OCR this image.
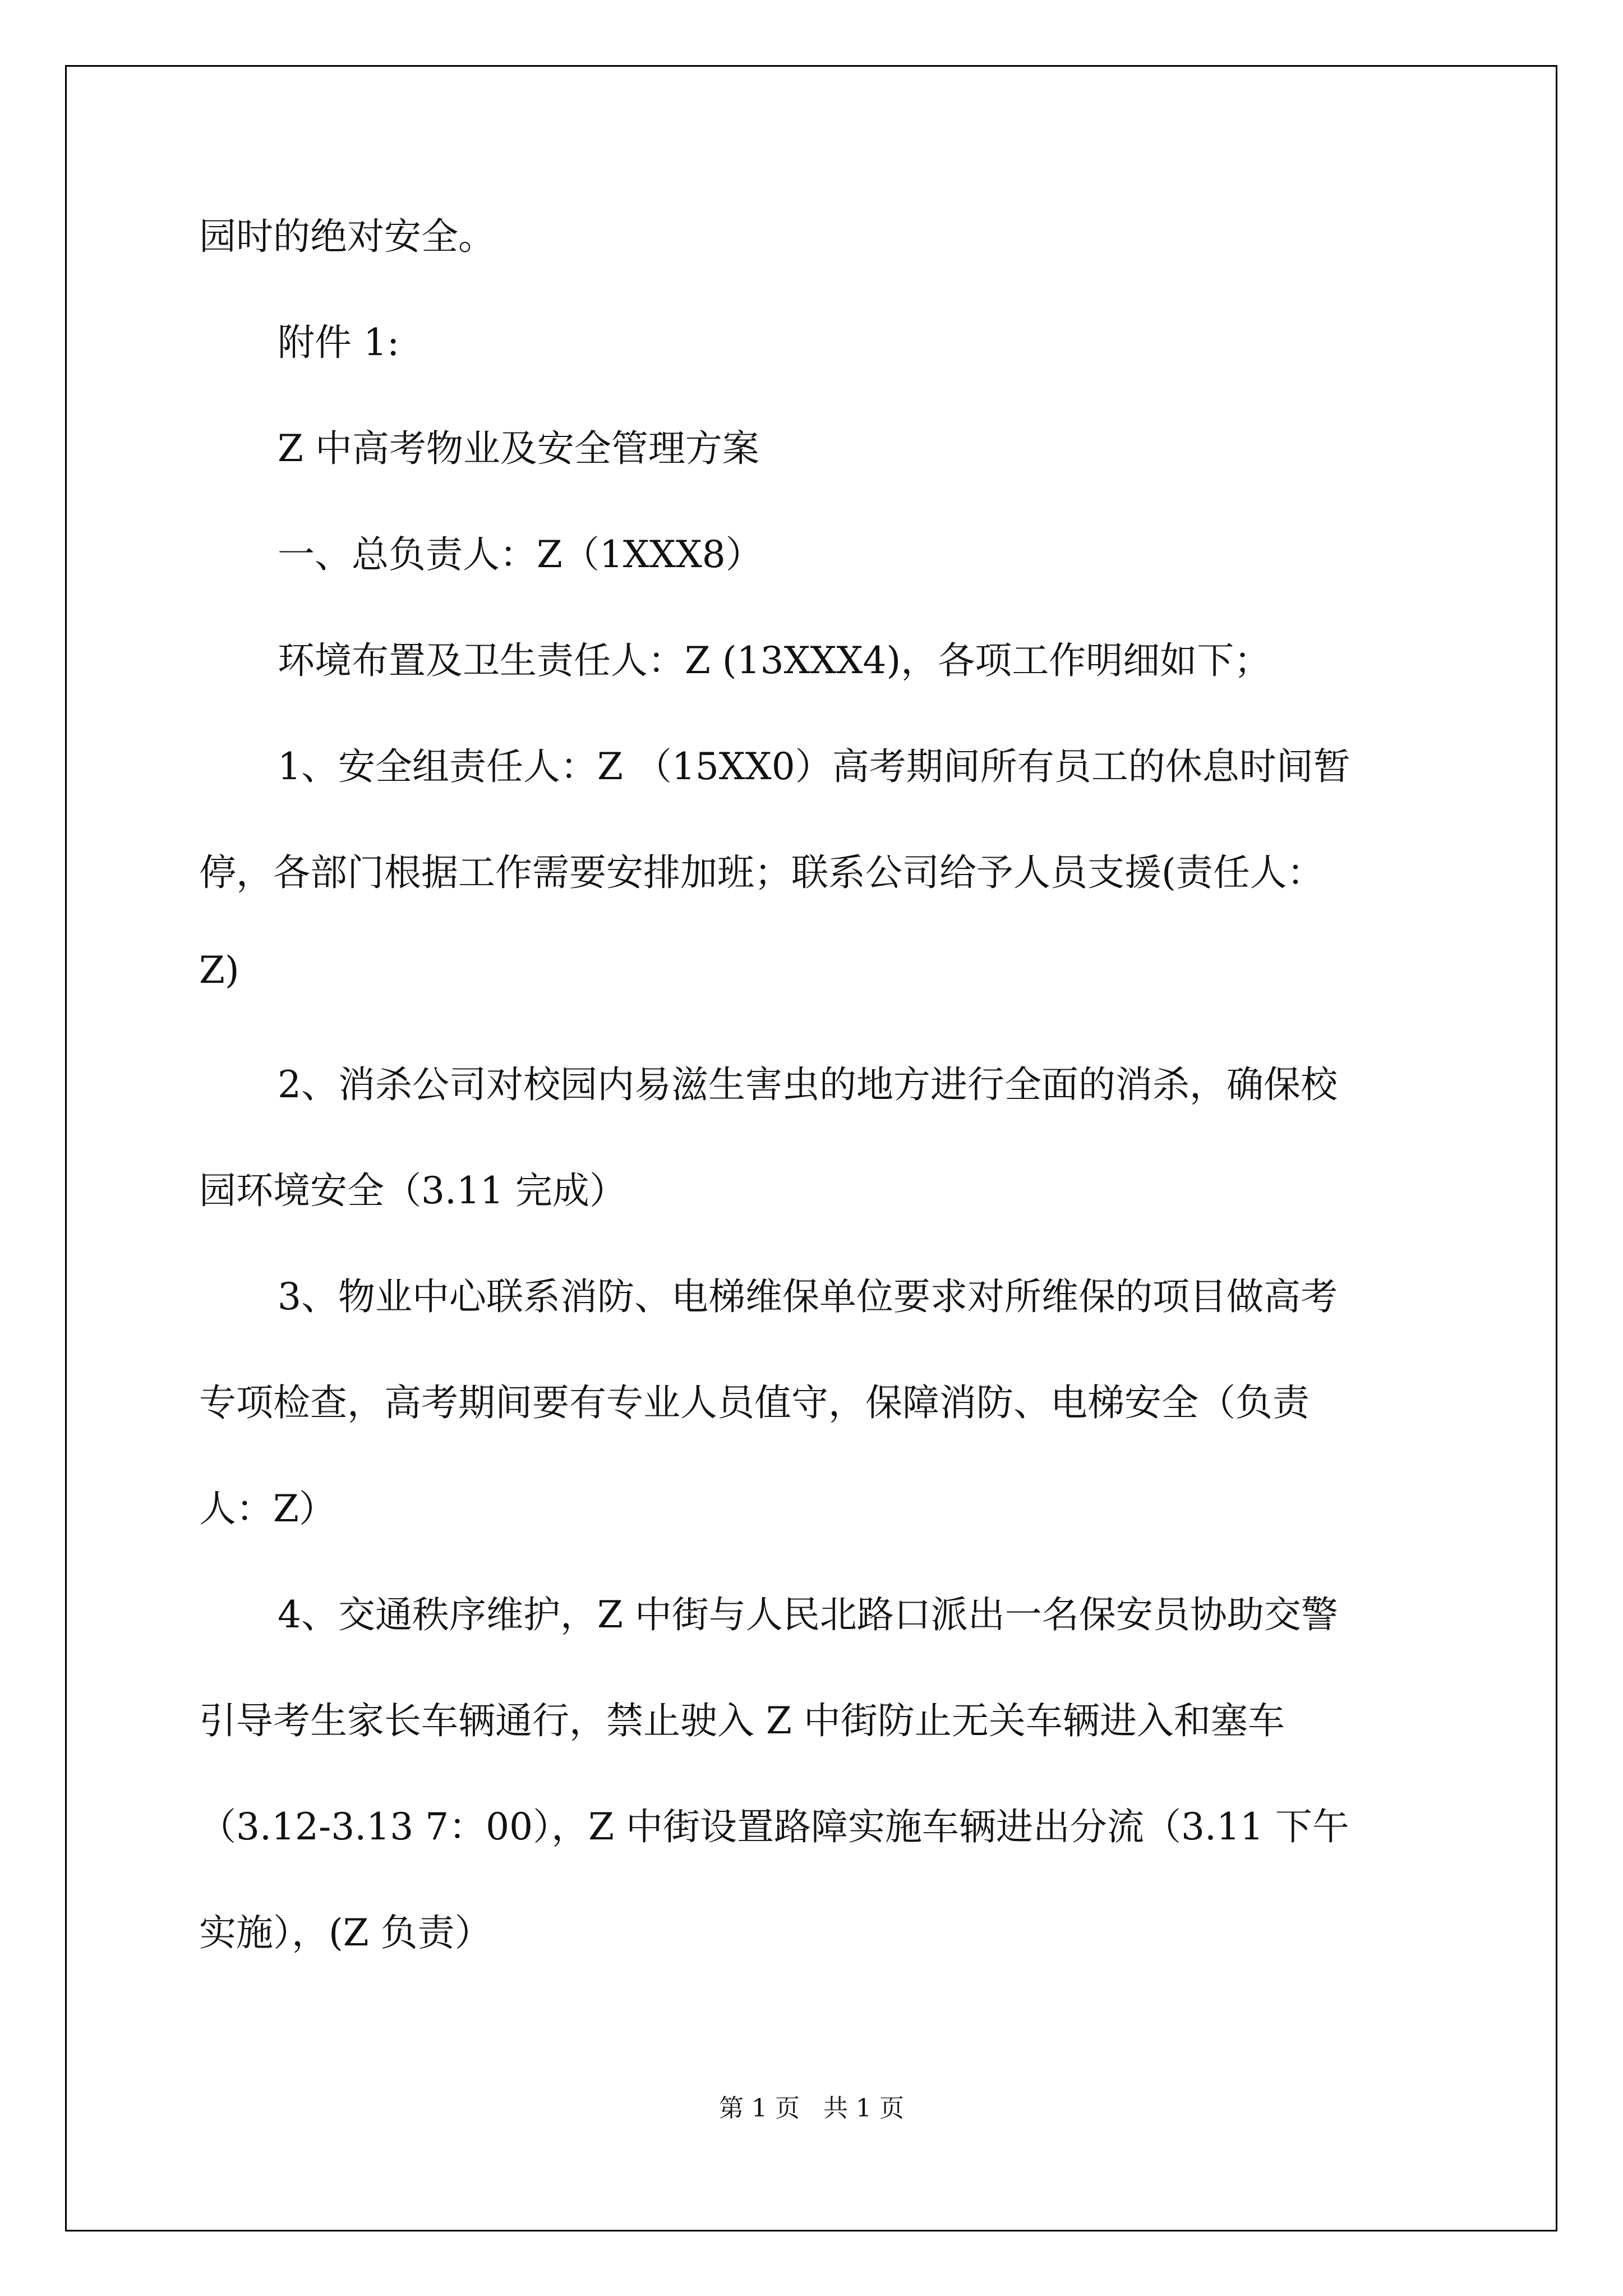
园时的绝对安全。
附件 1:
Z 中高考物业及安全管理方案
一、总负责人：Z（1XXX8）
环境布置及卫生责任人：Z (13XXX4)，各项工作明细如下；
1、安全组责任人：Z （15XX0）高考期间所有员工的休息时间暂
停，各部门根据工作需要安排加班；联系公司给予人员支援(责任人：
Z)
2、消杀公司对校园内易滋生害虫的地方进行全面的消杀，确保校
园环境安全（3.11 完成）
3、物业中心联系消防、电梯维保单位要求对所维保的项目做高考
专项检查，高考期间要有专业人员值守，保障消防、电梯安全（负责
人：Z）
4、交通秩序维护，Z 中街与人民北路口派出一名保安员协助交警
引导考生家长车辆通行，禁止驶入 Z 中街防止无关车辆进入和塞车
（3.12-3.13 7：00），Z 中街设置路障实施车辆进出分流（3.11 下午
实施），(Z 负责）
第 1 页   共 1 页
